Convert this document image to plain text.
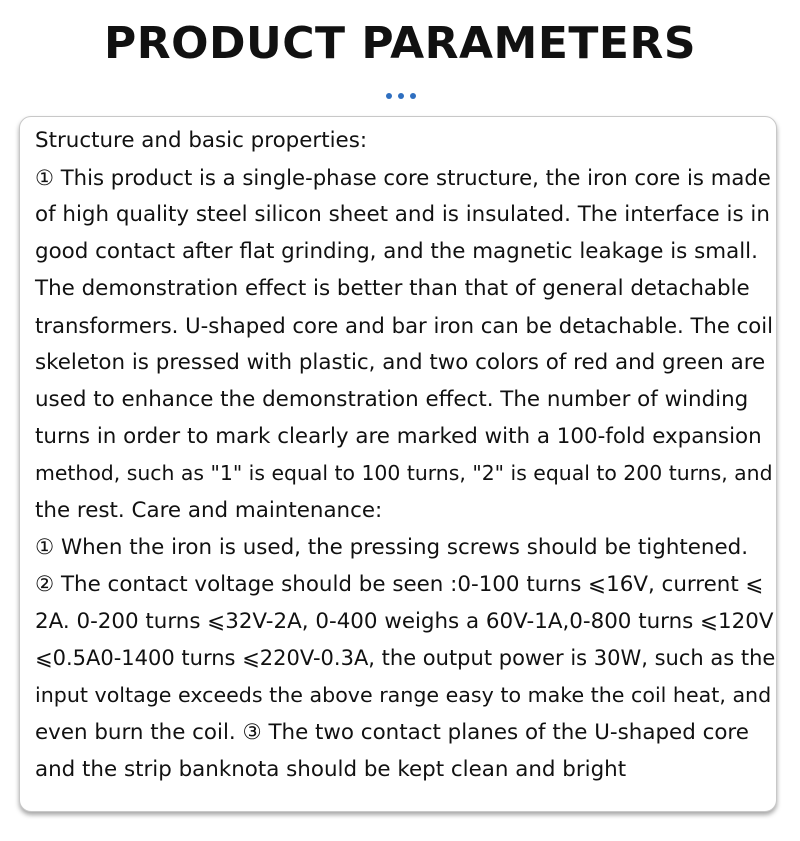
PRODUCT PARAMETERS
Structure and basic properties:
① This product is a single-phase core structure, the iron core is made
of high quality steel silicon sheet and is insulated. The interface is in
good contact after flat grinding, and the magnetic leakage is small.
The demonstration effect is better than that of general detachable
transformers. U-shaped core and bar iron can be detachable. The coil
skeleton is pressed with plastic, and two colors of red and green are
used to enhance the demonstration effect. The number of winding
turns in order to mark clearly are marked with a 100-fold expansion
method, such as "1" is equal to 100 turns, "2" is equal to 200 turns, and
the rest. Care and maintenance:
① When the iron is used, the pressing screws should be tightened.
② The contact voltage should be seen :0-100 turns ⩽16V, current ⩽
2A. 0-200 turns ⩽32V-2A, 0-400 weighs a 60V-1A,0-800 turns ⩽120V
⩽0.5A0-1400 turns ⩽220V-0.3A, the output power is 30W, such as the
input voltage exceeds the above range easy to make the coil heat, and
even burn the coil. ③ The two contact planes of the U-shaped core
and the strip banknota should be kept clean and bright
